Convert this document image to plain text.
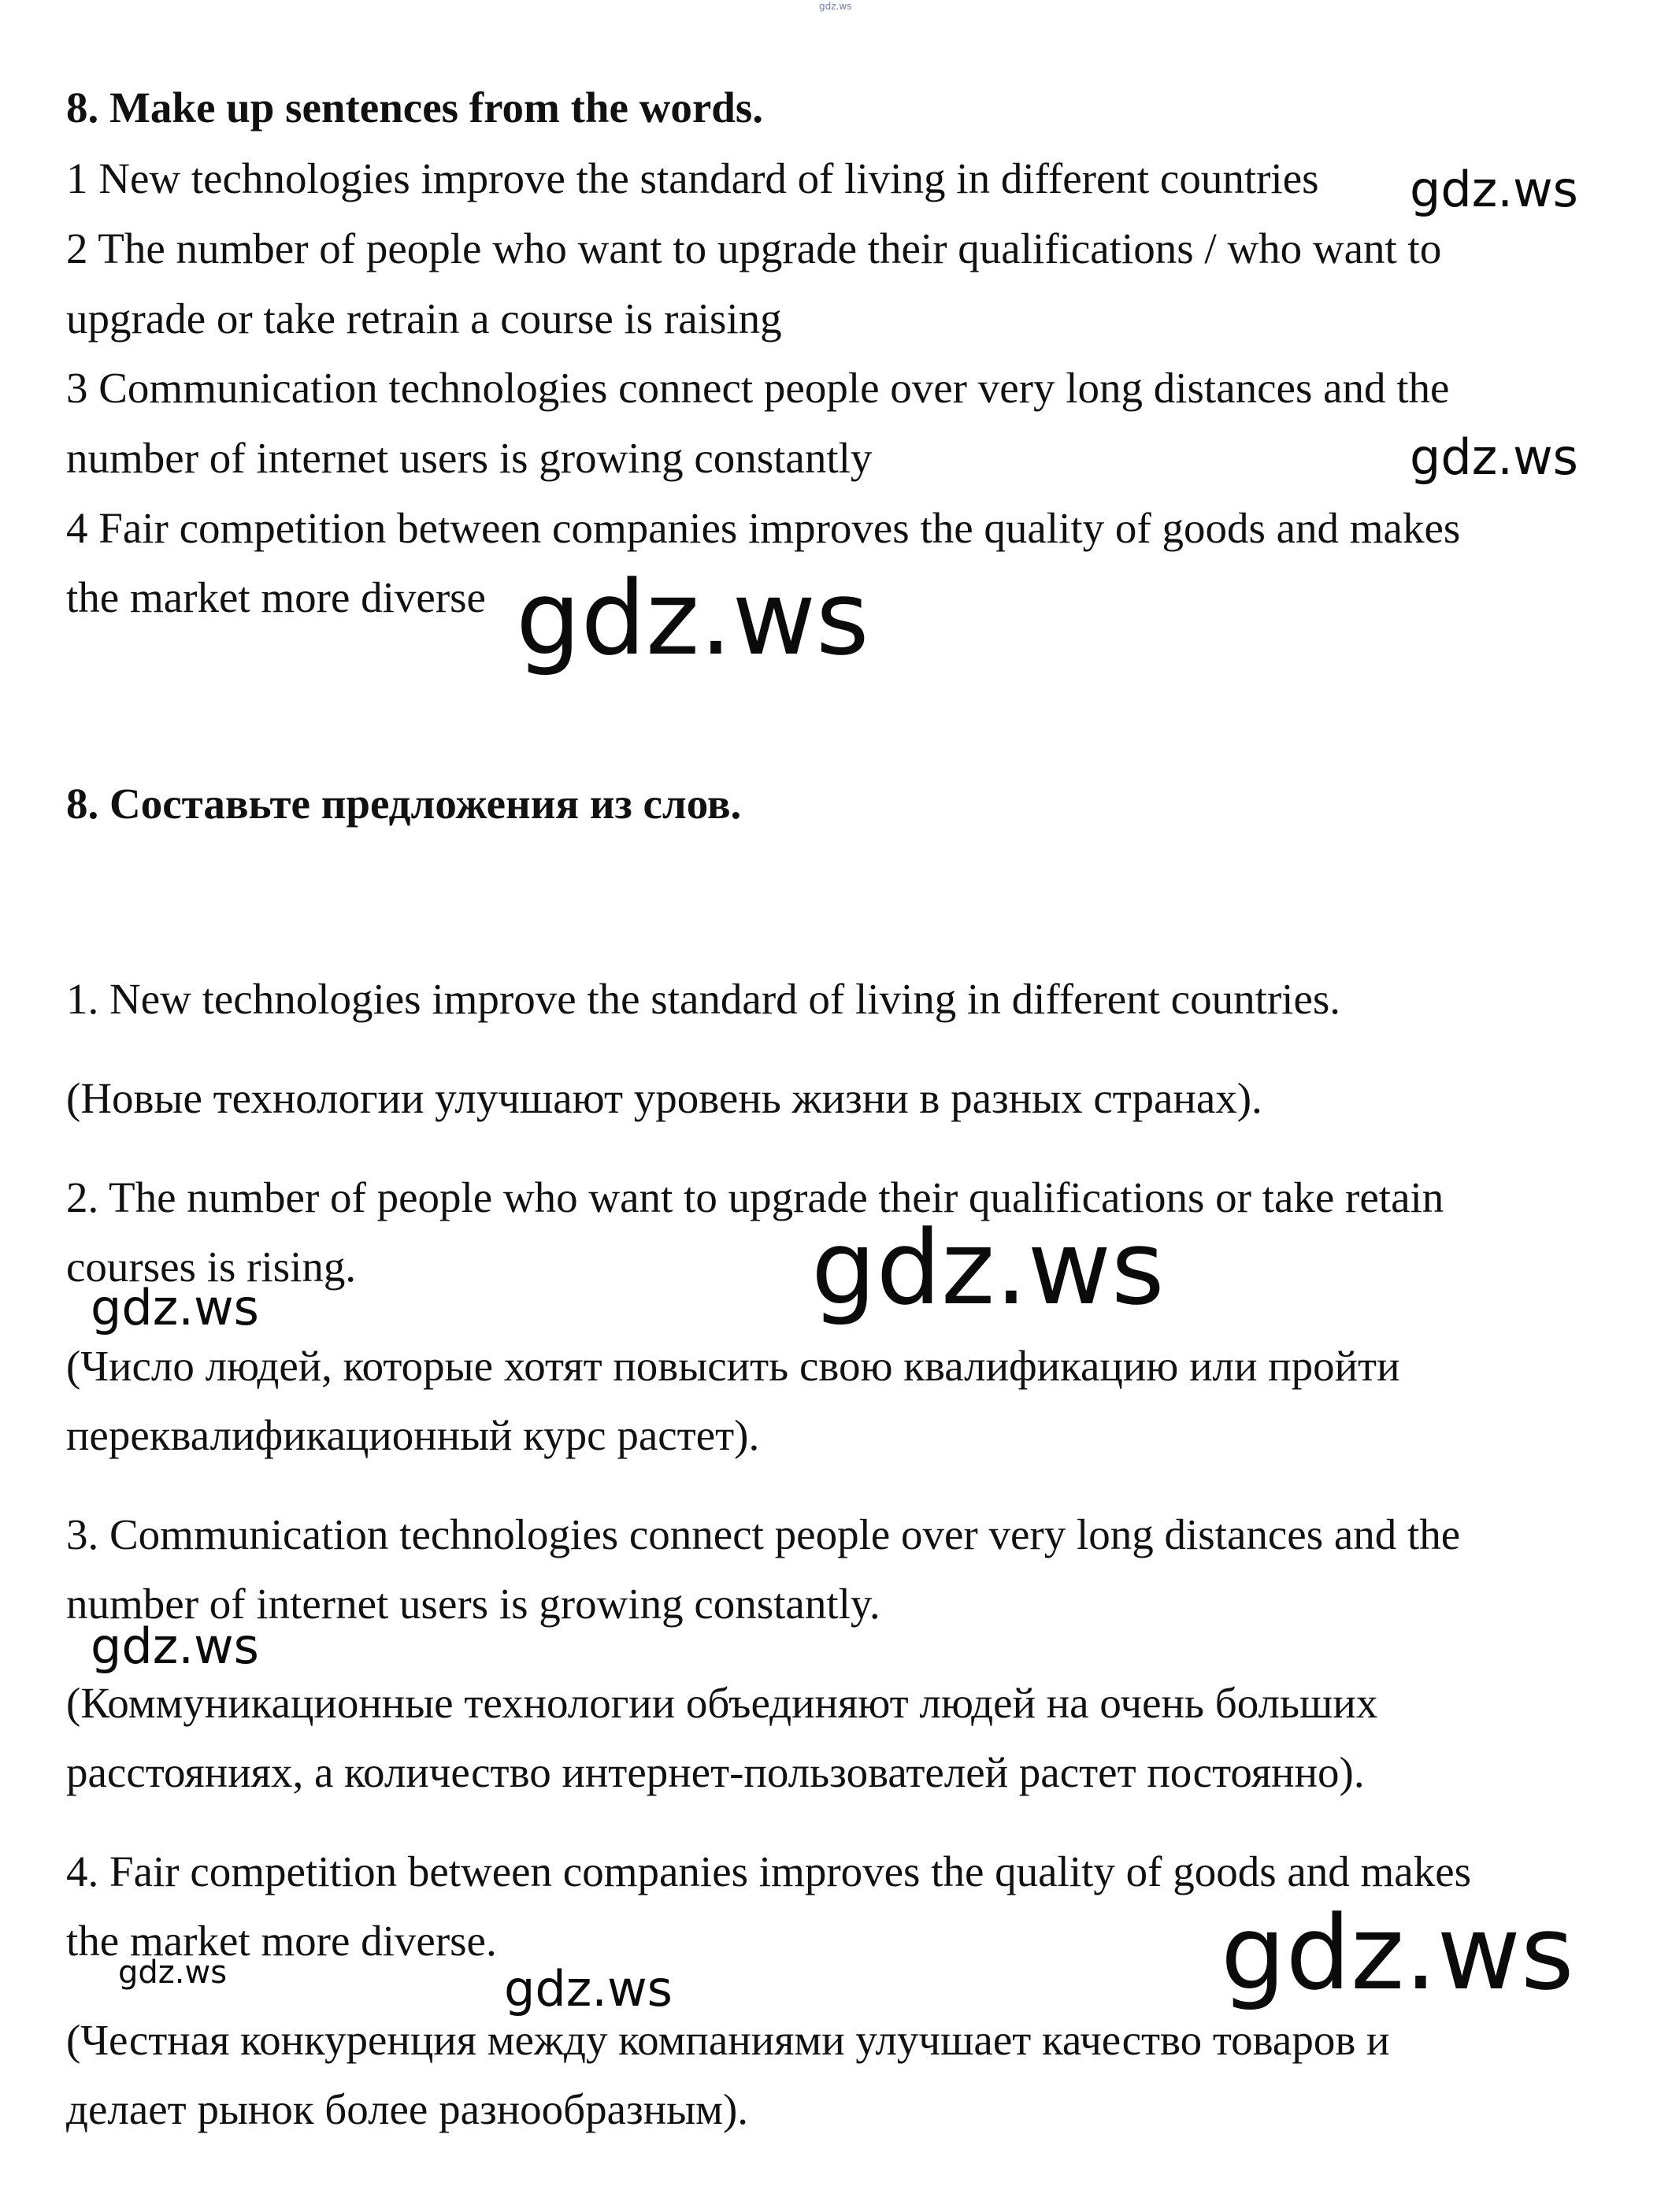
gdz.ws
8. Make up sentences from the words.
1 New technologies improve the standard of living in different countries
2 The number of people who want to upgrade their qualifications / who want to
upgrade or take retrain a course is raising
3 Communication technologies connect people over very long distances and the
number of internet users is growing constantly
4 Fair competition between companies improves the quality of goods and makes
the market more diverse
8. Составьте предложения из слов.
1. New technologies improve the standard of living in different countries.
(Новые технологии улучшают уровень жизни в разных странах).
2. The number of people who want to upgrade their qualifications or take retain
courses is rising.
(Число людей, которые хотят повысить свою квалификацию или пройти
переквалификационный курс растет).
3. Communication technologies connect people over very long distances and the
number of internet users is growing constantly.
(Коммуникационные технологии объединяют людей на очень больших
расстояниях, а количество интернет-пользователей растет постоянно).
4. Fair competition between companies improves the quality of goods and makes
the market more diverse.
(Честная конкуренция между компаниями улучшает качество товаров и
делает рынок более разнообразным).
gdz.ws
gdz.ws
gdz.ws
gdz.ws
gdz.ws
gdz.ws
gdz.ws
gdz.ws	gdz.ws
